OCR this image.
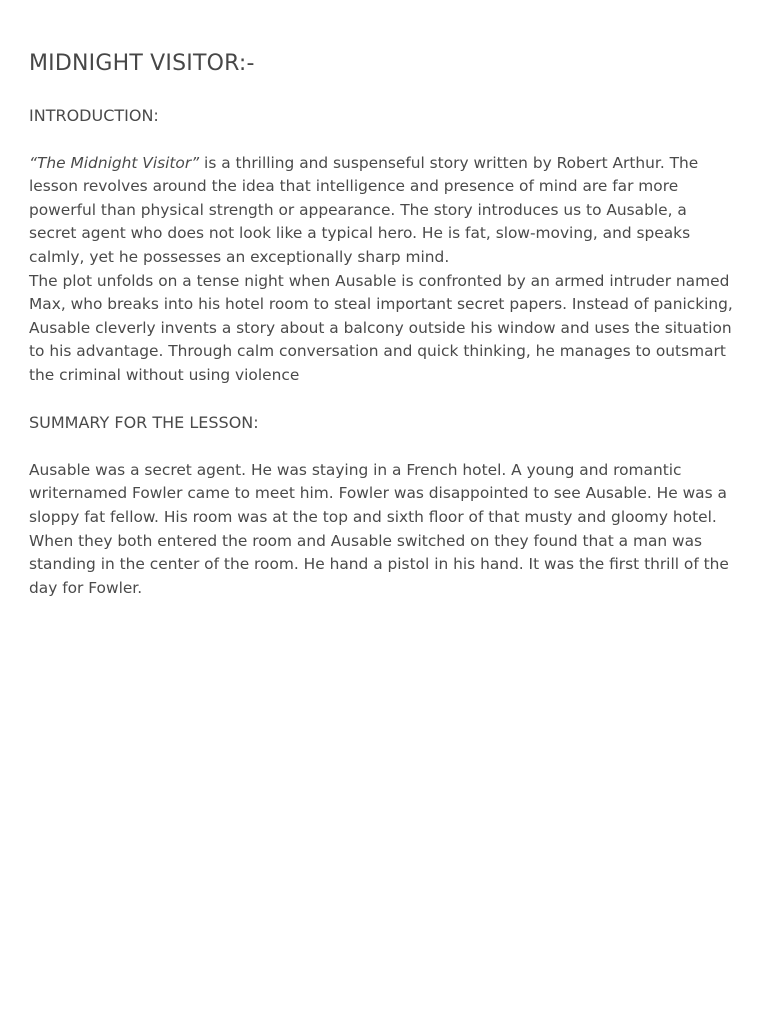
MIDNIGHT VISITOR:-
INTRODUCTION:

“The Midnight Visitor” is a thrilling and suspenseful story written by Robert Arthur. The lesson revolves around the idea that intelligence and presence of mind are far more powerful than physical strength or appearance. The story introduces us to Ausable, a secret agent who does not look like a typical hero. He is fat, slow-moving, and speaks calmly, yet he possesses an exceptionally sharp mind.

The plot unfolds on a tense night when Ausable is confronted by an armed intruder named Max, who breaks into his hotel room to steal important secret papers. Instead of panicking, Ausable cleverly invents a story about a balcony outside his window and uses the situation to his advantage. Through calm conversation and quick thinking, he manages to outsmart the criminal without using violence

SUMMARY FOR THE LESSON:

Ausable was a secret agent. He was staying in a French hotel. A young and romantic writernamed Fowler came to meet him. Fowler was disappointed to see Ausable. He was a sloppy fat fellow. His room was at the top and sixth floor of that musty and gloomy hotel. When they both entered the room and Ausable switched on they found that a man was standing in the center of the room. He hand a pistol in his hand. It was the first thrill of the day for Fowler.
